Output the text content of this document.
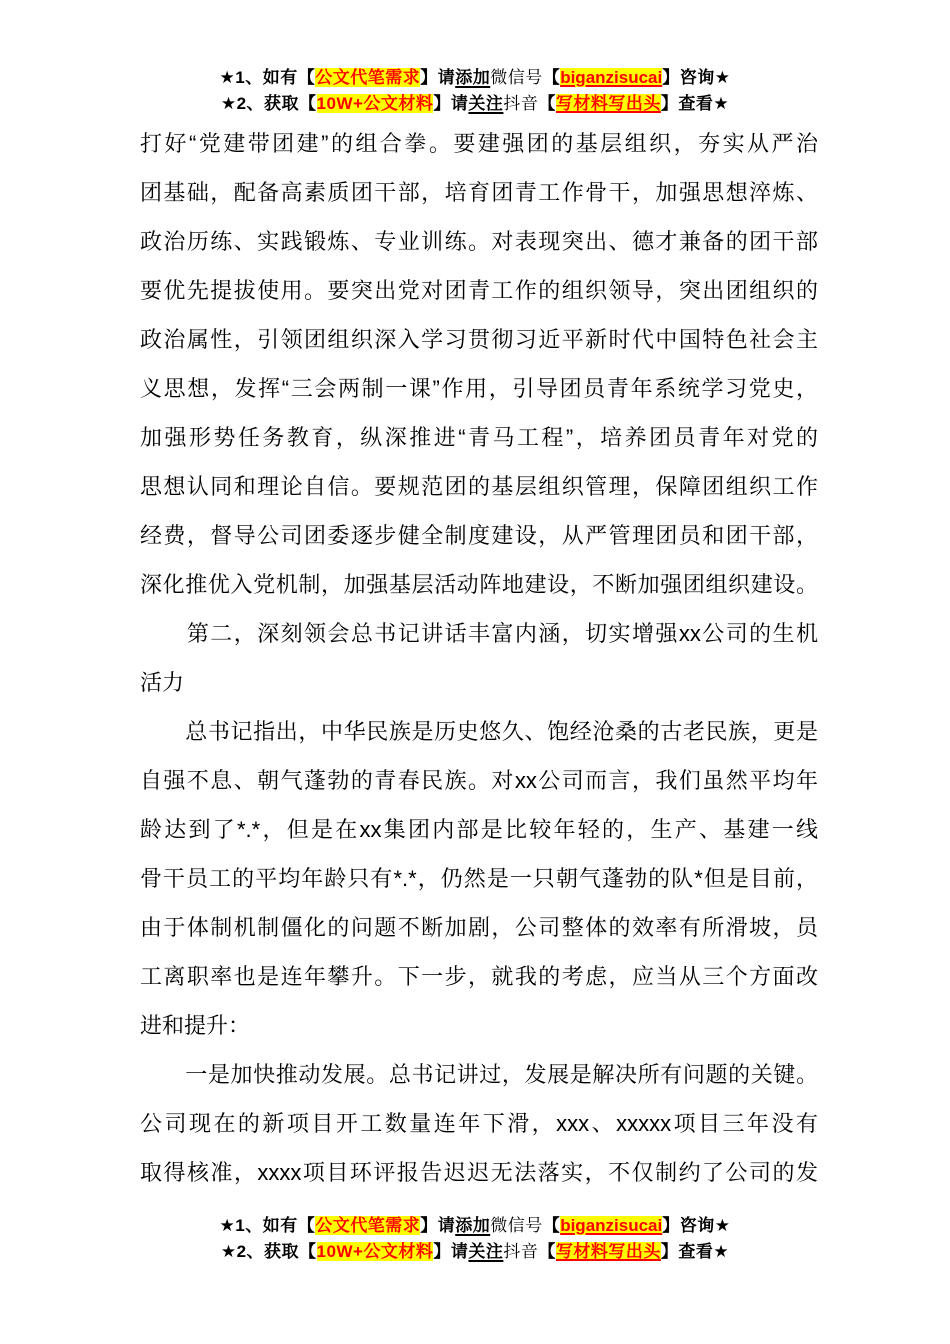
★1、如有【公文代笔需求】请添加微信号【biganzisucai】咨询★
★2、获取【10W+公文材料】请关注抖音【写材料写出头】查看★
打好“党建带团建”的组合拳。要建强团的基层组织，夯实从严治
团基础，配备高素质团干部，培育团青工作骨干，加强思想淬炼、
政治历练、实践锻炼、专业训练。对表现突出、德才兼备的团干部
要优先提拔使用。要突出党对团青工作的组织领导，突出团组织的
政治属性，引领团组织深入学习贯彻习近平新时代中国特色社会主
义思想，发挥“三会两制一课”作用，引导团员青年系统学习党史，
加强形势任务教育，纵深推进“青马工程”，培养团员青年对党的
思想认同和理论自信。要规范团的基层组织管理，保障团组织工作
经费，督导公司团委逐步健全制度建设，从严管理团员和团干部，
深化推优入党机制，加强基层活动阵地建设，不断加强团组织建设。
　　第二，深刻领会总书记讲话丰富内涵，切实增强xx公司的生机
活力
　　总书记指出，中华民族是历史悠久、饱经沧桑的古老民族，更是
自强不息、朝气蓬勃的青春民族。对xx公司而言，我们虽然平均年
龄达到了*.*，但是在xx集团内部是比较年轻的，生产、基建一线
骨干员工的平均年龄只有*.*，仍然是一只朝气蓬勃的队*但是目前，
由于体制机制僵化的问题不断加剧，公司整体的效率有所滑坡，员
工离职率也是连年攀升。下一步，就我的考虑，应当从三个方面改
进和提升：
　　一是加快推动发展。总书记讲过，发展是解决所有问题的关键。
公司现在的新项目开工数量连年下滑，xxx、xxxxx项目三年没有
取得核准，xxxx项目环评报告迟迟无法落实，不仅制约了公司的发
★1、如有【公文代笔需求】请添加微信号【biganzisucai】咨询★
★2、获取【10W+公文材料】请关注抖音【写材料写出头】查看★
